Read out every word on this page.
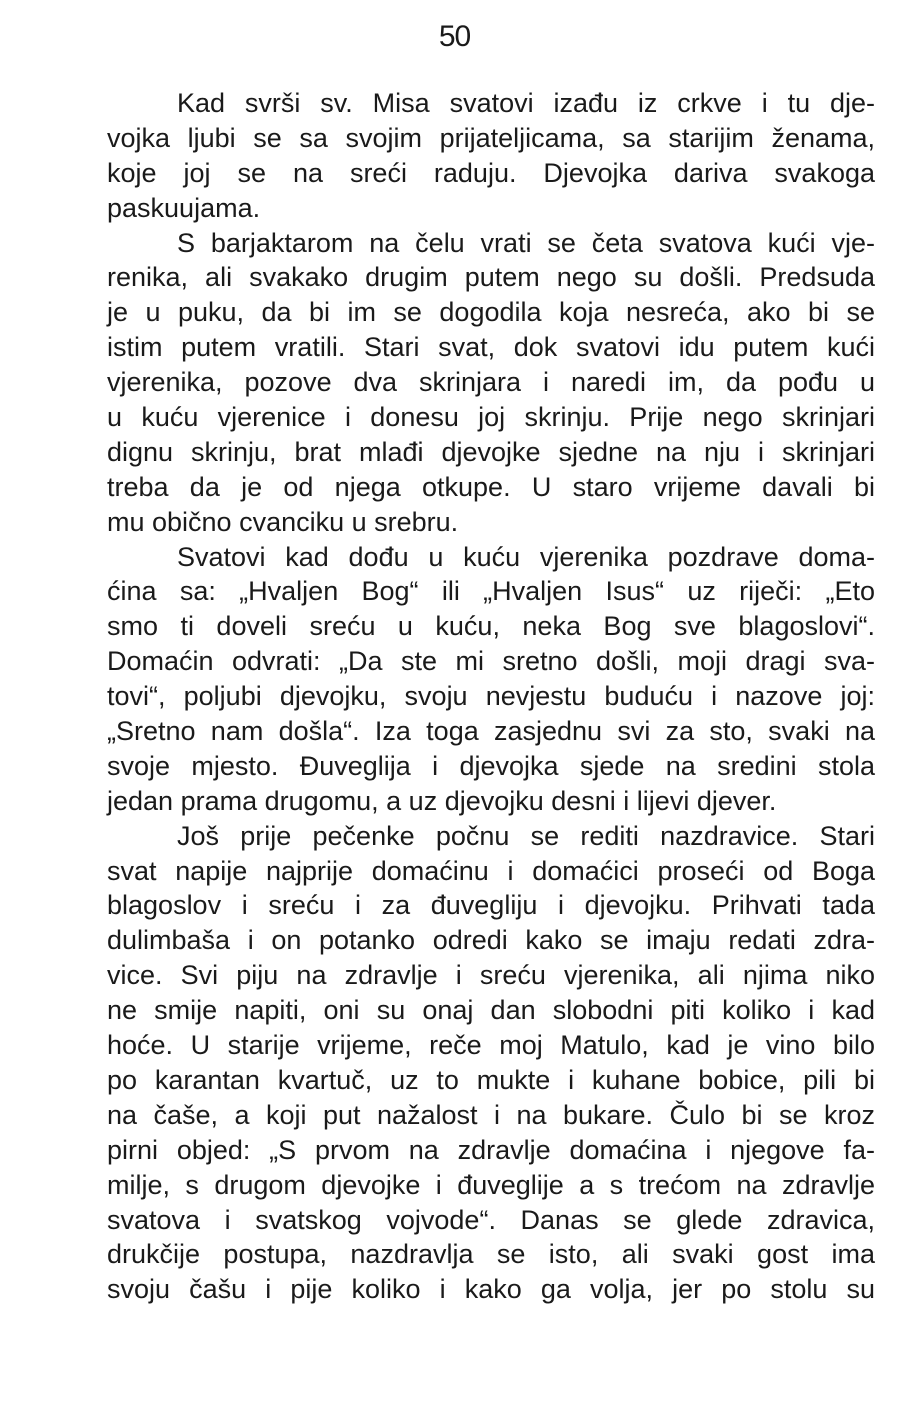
50

Kad svrši sv. Misa svatovi izađu iz crkve i tu dje-
vojka ljubi se sa svojim prijateljicama, sa starijim ženama,
koje joj se na sreći raduju. Djevojka dariva svakoga
paskuujama.
S barjaktarom na čelu vrati se četa svatova kući vje-
renika, ali svakako drugim putem nego su došli. Predsuda
je u puku, da bi im se dogodila koja nesreća, ako bi se
istim putem vratili. Stari svat, dok svatovi idu putem kući
vjerenika, pozove dva skrinjara i naredi im, da pođu u
u kuću vjerenice i donesu joj skrinju. Prije nego skrinjari
dignu skrinju, brat mlađi djevojke sjedne na nju i skrinjari
treba da je od njega otkupe. U staro vrijeme davali bi
mu obično cvanciku u srebru.
Svatovi kad dođu u kuću vjerenika pozdrave doma-
ćina sa: „Hvaljen Bog“ ili „Hvaljen Isus“ uz riječi: „Eto
smo ti doveli sreću u kuću, neka Bog sve blagoslovi“.
Domaćin odvrati: „Da ste mi sretno došli, moji dragi sva-
tovi“, poljubi djevojku, svoju nevjestu buduću i nazove joj:
„Sretno nam došla“. Iza toga zasjednu svi za sto, svaki na
svoje mjesto. Đuveglija i djevojka sjede na sredini stola
jedan prama drugomu, a uz djevojku desni i lijevi djever.
Još prije pečenke počnu se rediti nazdravice. Stari
svat napije najprije domaćinu i domaćici proseći od Boga
blagoslov i sreću i za đuvegliju i djevojku. Prihvati tada
dulimbaša i on potanko odredi kako se imaju redati zdra-
vice. Svi piju na zdravlje i sreću vjerenika, ali njima niko
ne smije napiti, oni su onaj dan slobodni piti koliko i kad
hoće. U starije vrijeme, reče moj Matulo, kad je vino bilo
po karantan kvartuč, uz to mukte i kuhane bobice, pili bi
na čaše, a koji put nažalost i na bukare. Čulo bi se kroz
pirni objed: „S prvom na zdravlje domaćina i njegove fa-
milje, s drugom djevojke i đuveglije a s trećom na zdravlje
svatova i svatskog vojvode“. Danas se glede zdravica,
drukčije postupa, nazdravlja se isto, ali svaki gost ima
svoju čašu i pije koliko i kako ga volja, jer po stolu su
